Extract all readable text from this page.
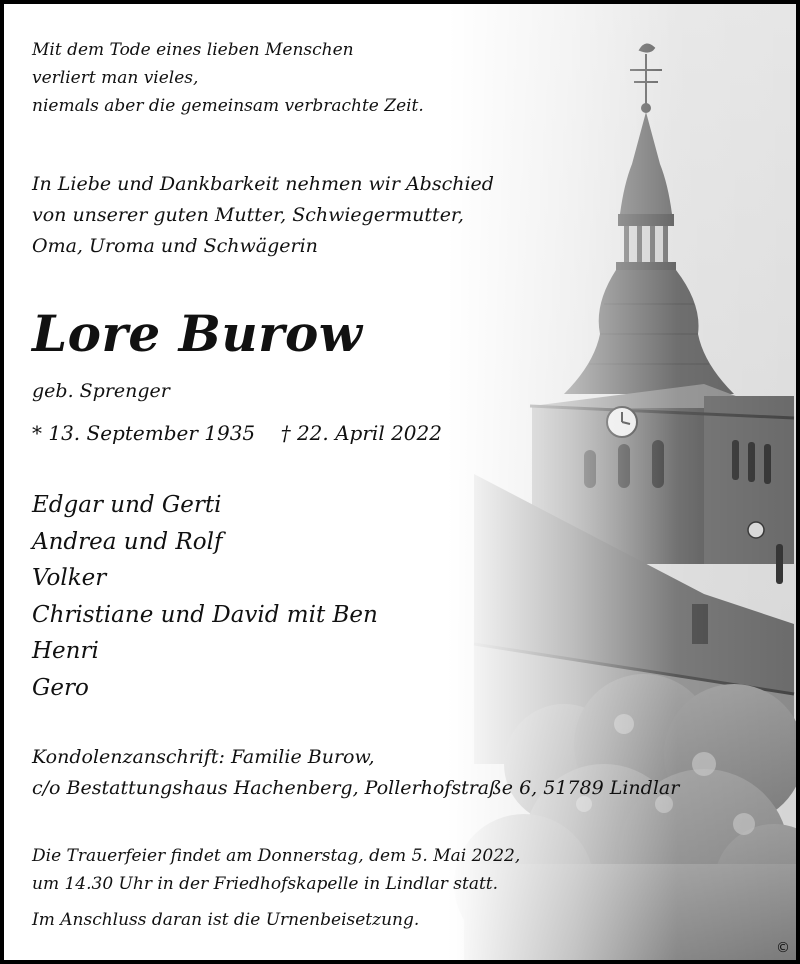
Mit dem Tode eines lieben Menschen
verliert man vieles,
niemals aber die gemeinsam verbrachte Zeit.
In Liebe und Dankbarkeit nehmen wir Abschied
von unserer guten Mutter, Schwiegermutter,
Oma, Uroma und Schwägerin
Lore Burow
geb. Sprenger
* 13. September 1935 † 22. April 2022
Edgar und Gerti
Andrea und Rolf
Volker
Christiane und David mit Ben
Henri
Gero
Kondolenzanschrift: Familie Burow,
c/o Bestattungshaus Hachenberg, Pollerhofstraße 6, 51789 Lindlar
Die Trauerfeier findet am Donnerstag, dem 5. Mai 2022,
um 14.30 Uhr in der Friedhofskapelle in Lindlar statt.
Im Anschluss daran ist die Urnenbeisetzung.
©
